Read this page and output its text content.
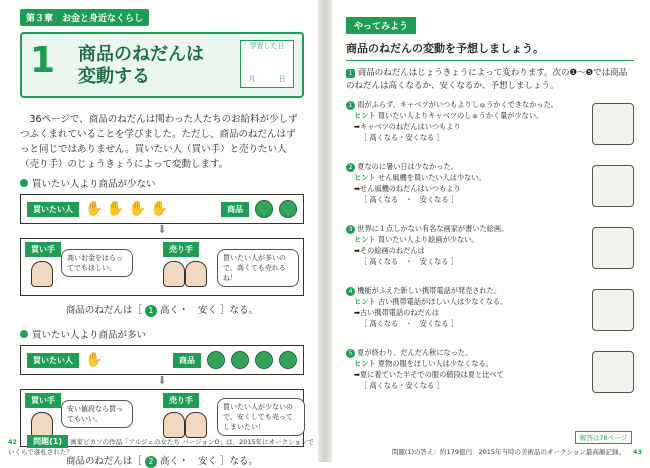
第３章　お金と身近なくらし
1 商品のねだんは
変動する
学習した日
月　　　	日
36ページで、商品のねだんは関わった人たちのお給料が少しずつふくまれていることを学びました。ただし、商品のねだんはずっと同じではありません。買いたい人（買い手）と売りたい人（売り手）のじょうきょうによって変動します。
買いたい人より商品が少ない
買いたい人 ✋ ✋ ✋ ✋	商品
⬇
買い手
高いお金をはらってでもほしい。
売り手
買いたい人が多いので、高くても売れるね！
商品のねだんは［ 1 高く・　安く ］なる。
買いたい人より商品が多い
買いたい人 ✋	商品
⬇
買い手
安い値段なら買ってもいい。
売り手
買いたい人が少ないので、安くしても売ってしまいたい！
商品のねだんは［ 2 高く・　安く ］なる。
42 問題(1) 画家ピカソの作品「アルジェの女たち バージョンO」は、2015年にオークションでいくらで落札された？
やってみよう
商品のねだんの変動を予想しましょう。
1 商品のねだんはじょうきょうによって変わります。次の❶〜❺では商品のねだんは高くなるか、安くなるか、予想しましょう。
1 雨がふらず、キャベツがいつもよりしゅうかくできなかった。
ヒント 買いたい人よりキャベツのしゅうかく量が少ない。
➡キャベツのねだんはいつもより
［ 高くなる・安くなる ］
2 夏なのに暑い日は少なかった。
ヒント せん風機を買いたい人は少ない。
➡せん風機のねだんはいつもより
［ 高くなる　・　安くなる ］
3 世界に１点しかない有名な画家が書いた絵画。
ヒント 買いたい人より絵画が少ない。
➡その絵画のねだんは
［ 高くなる　・　安くなる ］
4 機能がふえた新しい携帯電話が発売された。
ヒント 古い携帯電話がほしい人は少なくなる。
➡古い携帯電話のねだんは
［ 高くなる　・　安くなる ］
5 夏が終わり、だんだん秋になった。
ヒント 夏物の服をほしい人は少なくなる。
➡夏に着ていた半そでの服の値段は夏と比べて
［ 高くなる・安くなる ］
解答は78ページ
問題(1)の答え：約179億円　2015年当時の美術品のオークション最高額記録。 43
